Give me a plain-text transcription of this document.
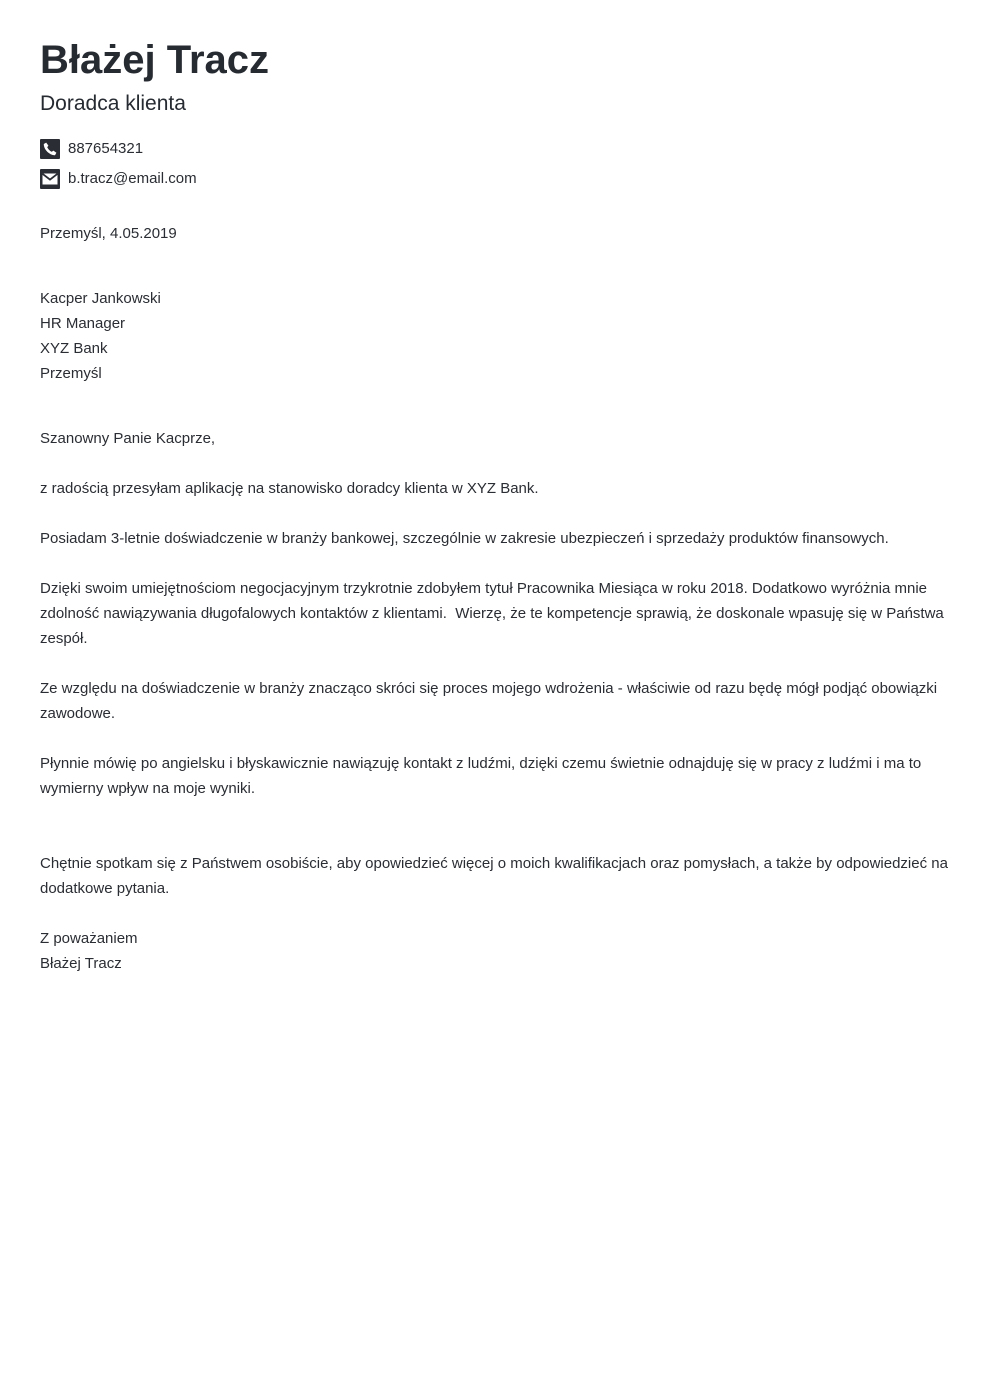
Błażej Tracz
Doradca klienta
887654321
b.tracz@email.com
Przemyśl, 4.05.2019
Kacper Jankowski
HR Manager
XYZ Bank
Przemyśl
Szanowny Panie Kacprze,
z radością przesyłam aplikację na stanowisko doradcy klienta w XYZ Bank.
Posiadam 3-letnie doświadczenie w branży bankowej, szczególnie w zakresie ubezpieczeń i sprzedaży produktów finansowych.
Dzięki swoim umiejętnościom negocjacyjnym trzykrotnie zdobyłem tytuł Pracownika Miesiąca w roku 2018. Dodatkowo wyróżnia mnie zdolność nawiązywania długofalowych kontaktów z klientami.  Wierzę, że te kompetencje sprawią, że doskonale wpasuję się w Państwa zespół.
Ze względu na doświadczenie w branży znacząco skróci się proces mojego wdrożenia - właściwie od razu będę mógł podjąć obowiązki zawodowe.
Płynnie mówię po angielsku i błyskawicznie nawiązuję kontakt z ludźmi, dzięki czemu świetnie odnajduję się w pracy z ludźmi i ma to wymierny wpływ na moje wyniki.
Chętnie spotkam się z Państwem osobiście, aby opowiedzieć więcej o moich kwalifikacjach oraz pomysłach, a także by odpowiedzieć na dodatkowe pytania.
Z poważaniem
Błażej Tracz
